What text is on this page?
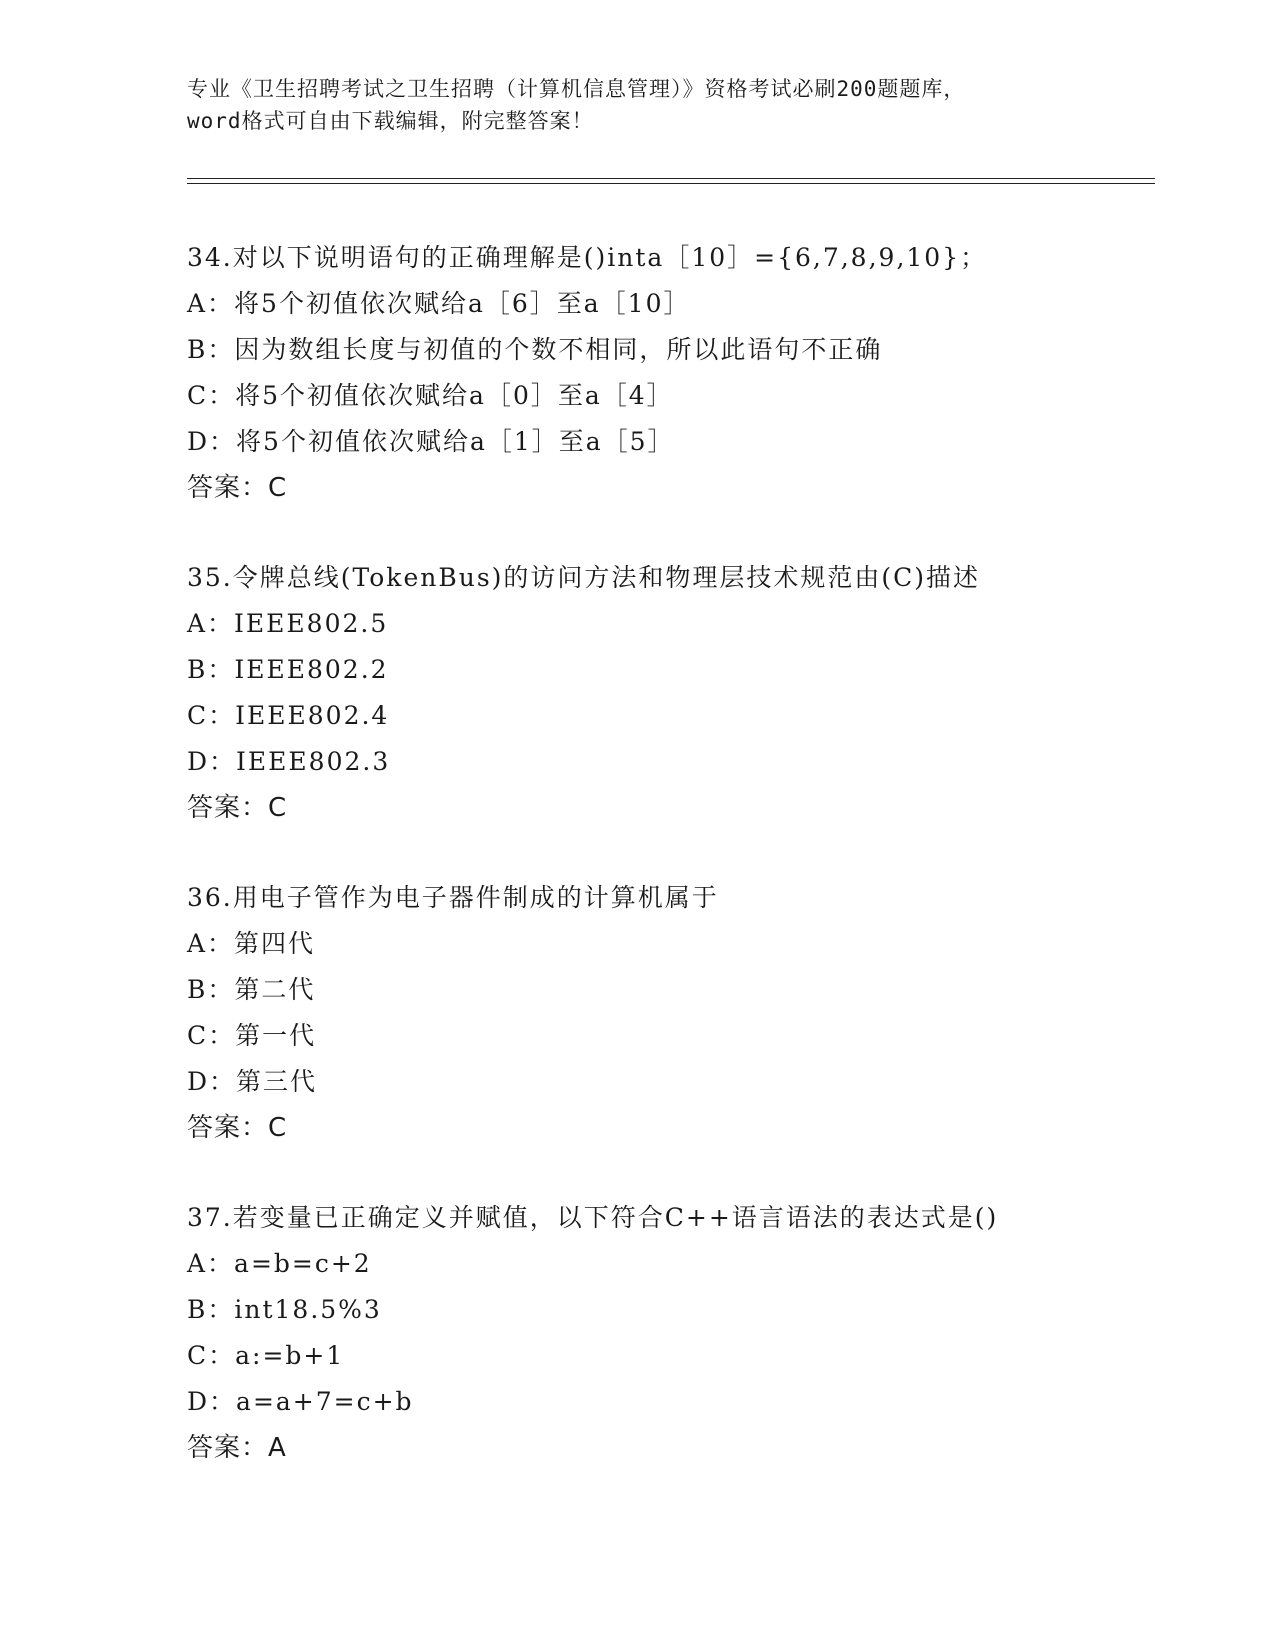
专业《卫生招聘考试之卫生招聘（计算机信息管理）》资格考试必刷200题题库，
word格式可自由下载编辑，附完整答案！
34.对以下说明语句的正确理解是()inta［10］={6,7,8,9,10}；
A：将5个初值依次赋给a［6］至a［10］
B：因为数组长度与初值的个数不相同，所以此语句不正确
C：将5个初值依次赋给a［0］至a［4］
D：将5个初值依次赋给a［1］至a［5］
答案：C
35.令牌总线(TokenBus)的访问方法和物理层技术规范由(C)描述
A：IEEE802.5
B：IEEE802.2
C：IEEE802.4
D：IEEE802.3
答案：C
36.用电子管作为电子器件制成的计算机属于
A：第四代
B：第二代
C：第一代
D：第三代
答案：C
37.若变量已正确定义并赋值，以下符合C++语言语法的表达式是()
A：a=b=c+2
B：int18.5%3
C：a:=b+1
D：a=a+7=c+b
答案：A
